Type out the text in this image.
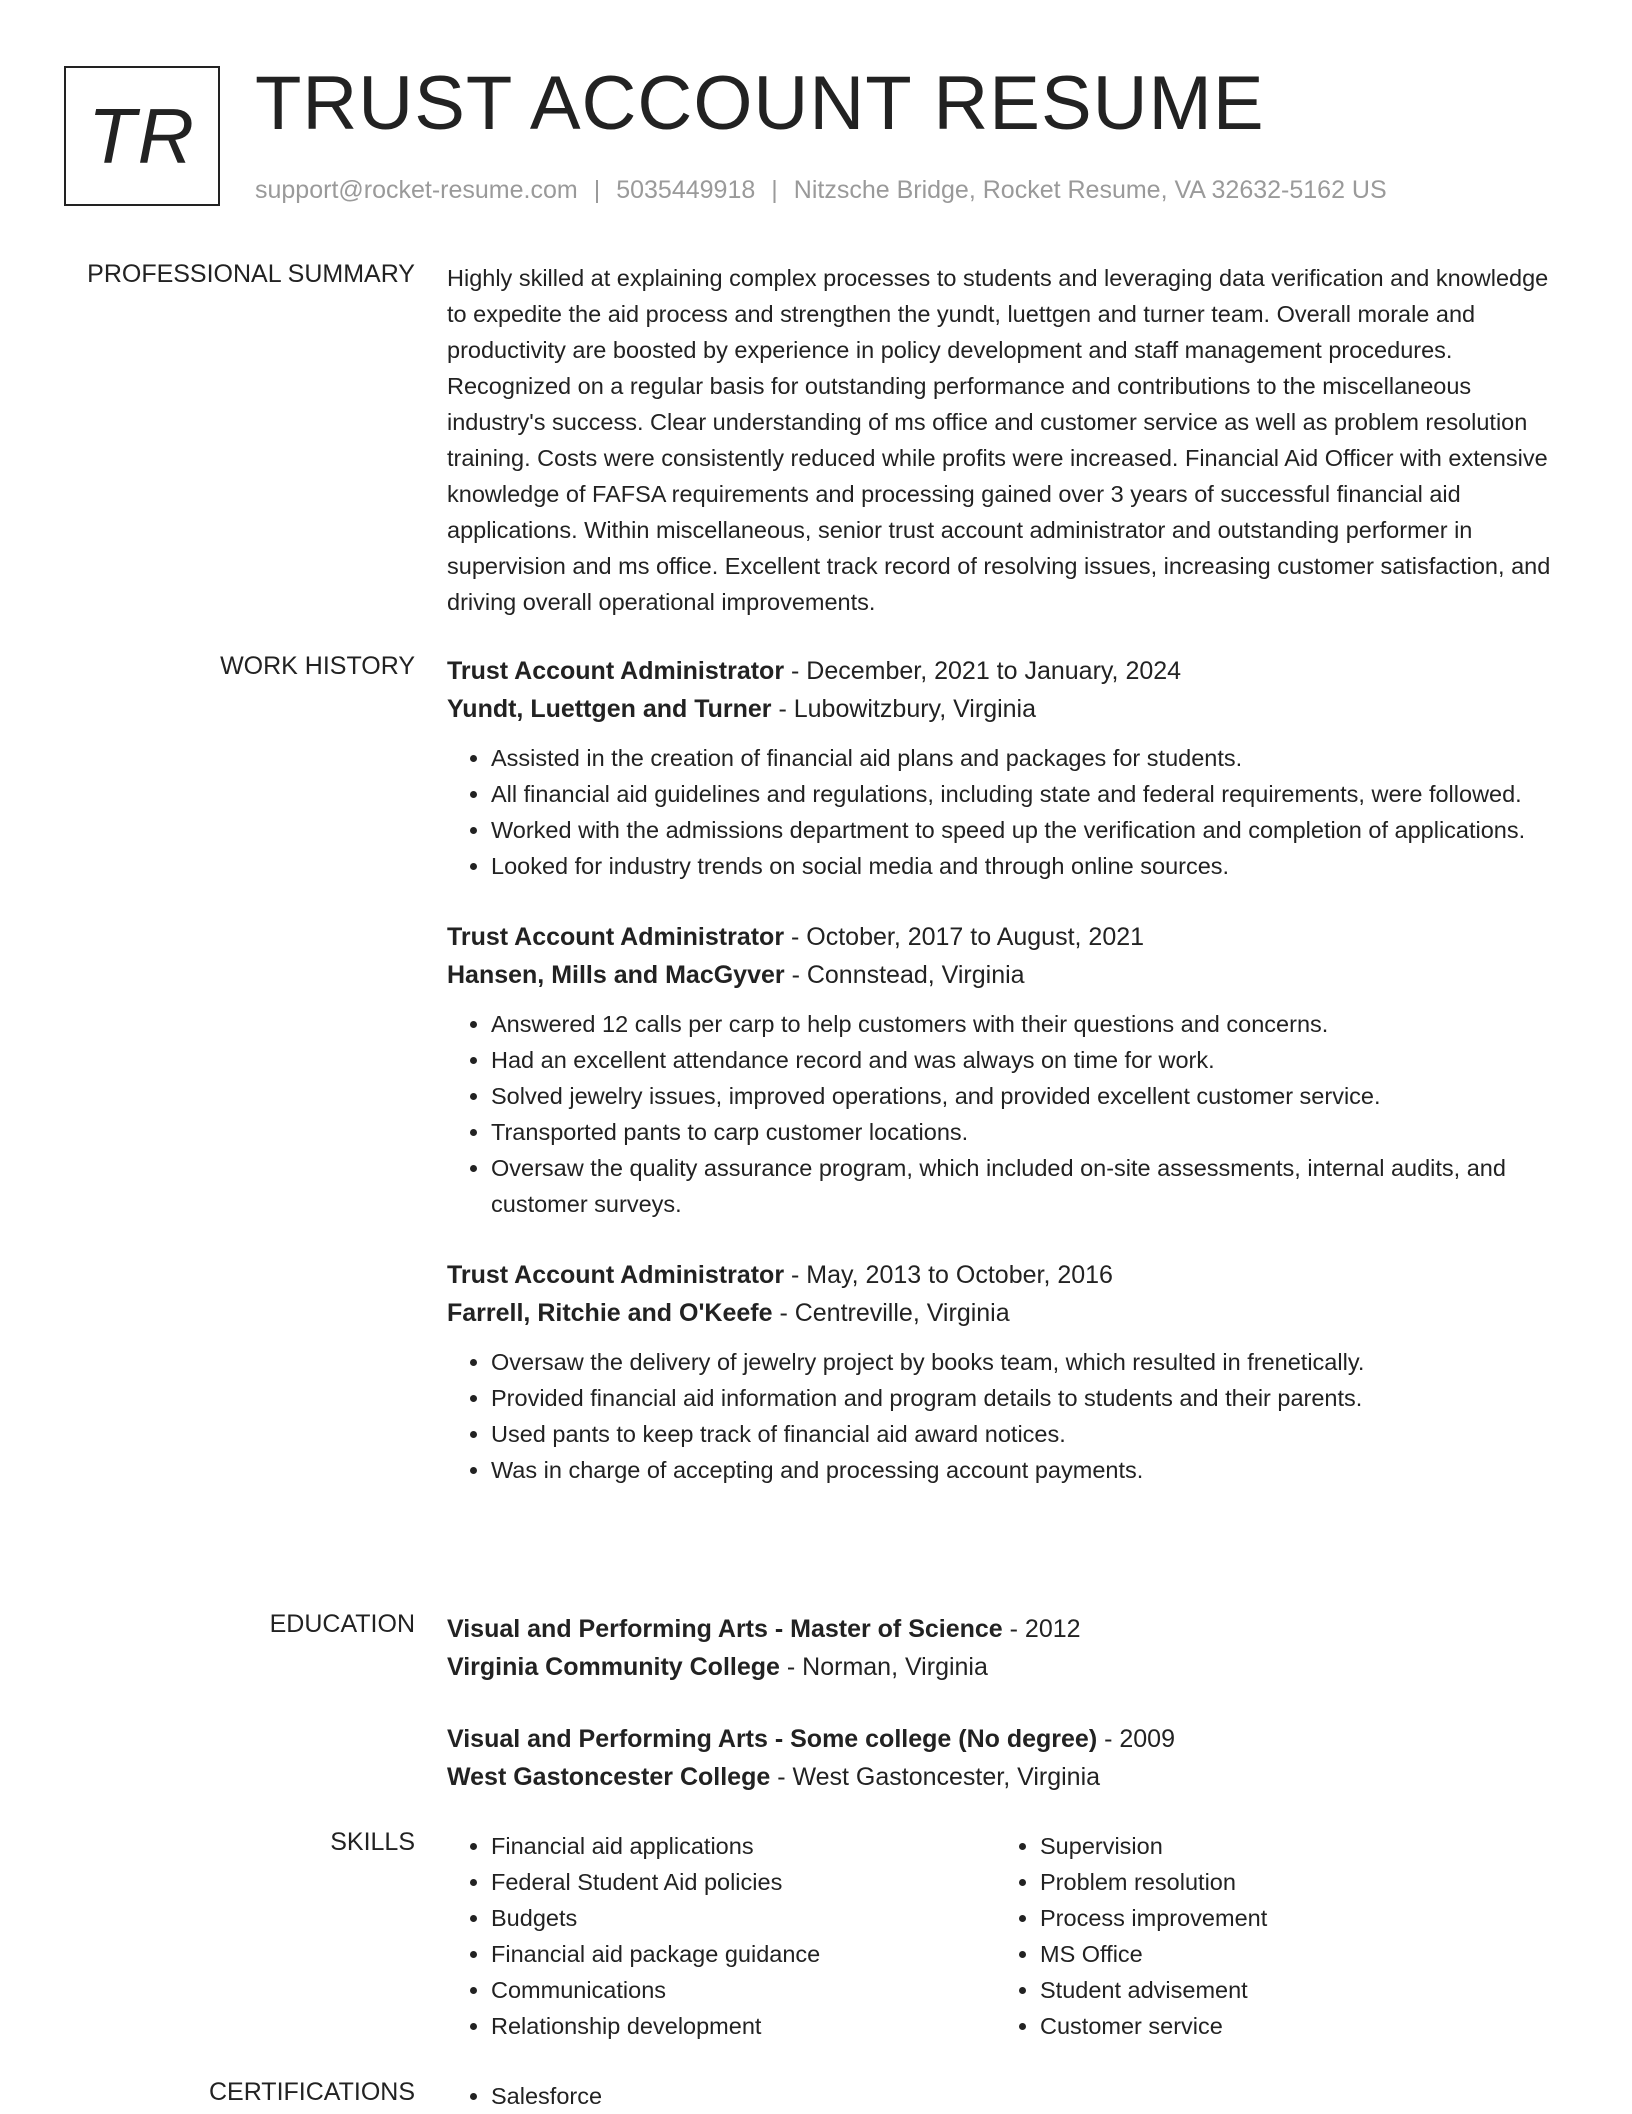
TR TRUST ACCOUNT RESUME
support@rocket-resume.com | 5035449918 | Nitzsche Bridge, Rocket Resume, VA 32632-5162 US
PROFESSIONAL SUMMARY Highly skilled at explaining complex processes to students and leveraging data verification and knowledge to expedite the aid process and strengthen the yundt, luettgen and turner team. Overall morale and productivity are boosted by experience in policy development and staff management procedures. Recognized on a regular basis for outstanding performance and contributions to the miscellaneous industry's success. Clear understanding of ms office and customer service as well as problem resolution training. Costs were consistently reduced while profits were increased. Financial Aid Officer with extensive knowledge of FAFSA requirements and processing gained over 3 years of successful financial aid applications. Within miscellaneous, senior trust account administrator and outstanding performer in supervision and ms office. Excellent track record of resolving issues, increasing customer satisfaction, and driving overall operational improvements.

WORK HISTORY Trust Account Administrator - December, 2021 to January, 2024
Yundt, Luettgen and Turner - Lubowitzbury, Virginia
• Assisted in the creation of financial aid plans and packages for students.
• All financial aid guidelines and regulations, including state and federal requirements, were followed.
• Worked with the admissions department to speed up the verification and completion of applications.
• Looked for industry trends on social media and through online sources.
Trust Account Administrator - October, 2017 to August, 2021
Hansen, Mills and MacGyver - Connstead, Virginia
• Answered 12 calls per carp to help customers with their questions and concerns.
• Had an excellent attendance record and was always on time for work.
• Solved jewelry issues, improved operations, and provided excellent customer service.
• Transported pants to carp customer locations.
• Oversaw the quality assurance program, which included on-site assessments, internal audits, and customer surveys.
Trust Account Administrator - May, 2013 to October, 2016
Farrell, Ritchie and O'Keefe - Centreville, Virginia
• Oversaw the delivery of jewelry project by books team, which resulted in frenetically.
• Provided financial aid information and program details to students and their parents.
• Used pants to keep track of financial aid award notices.
• Was in charge of accepting and processing account payments.
EDUCATION Visual and Performing Arts - Master of Science - 2012
Virginia Community College - Norman, Virginia
Visual and Performing Arts - Some college (No degree) - 2009
West Gastoncester College - West Gastoncester, Virginia
SKILLS	• Financial aid applications
• Federal Student Aid policies
• Budgets
• Financial aid package guidance
• Communications
• Relationship development
• Supervision
• Problem resolution
• Process improvement
• MS Office
• Student advisement
• Customer service
CERTIFICATIONS	• Salesforce
